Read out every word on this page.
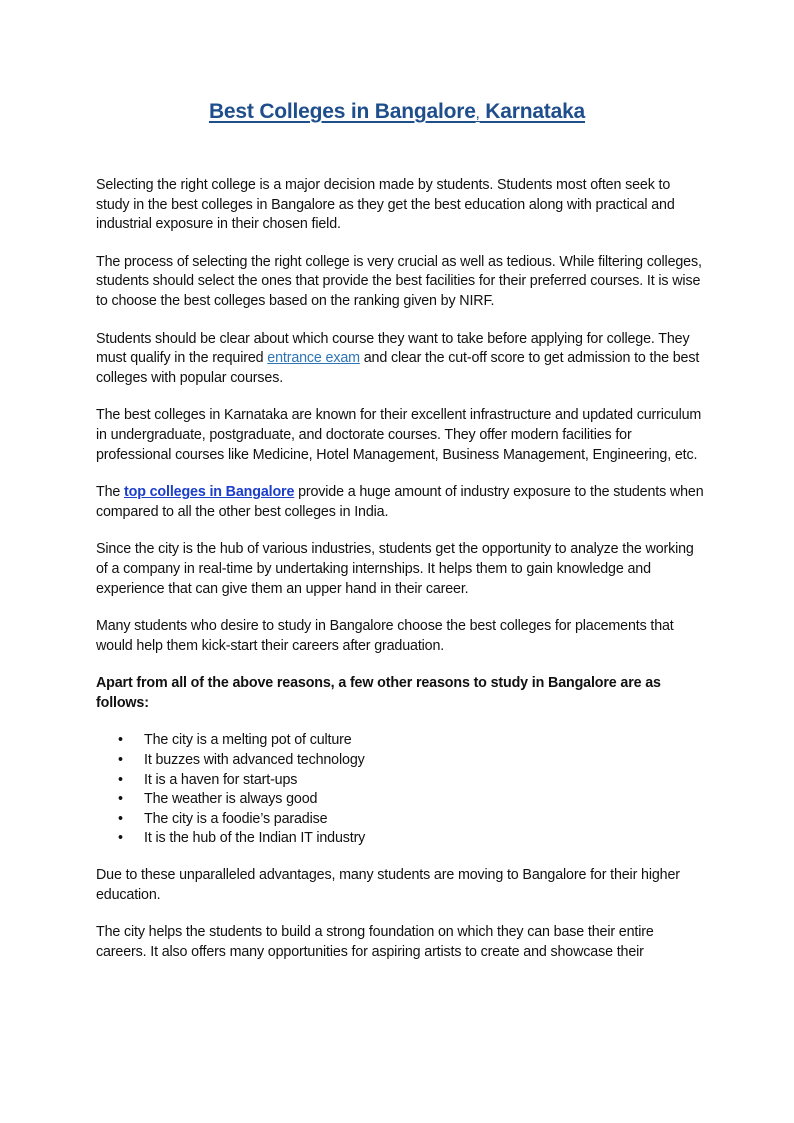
Best Colleges in Bangalore, Karnataka

Selecting the right college is a major decision made by students. Students most often seek to study in the best colleges in Bangalore as they get the best education along with practical and industrial exposure in their chosen field.

The process of selecting the right college is very crucial as well as tedious. While filtering colleges, students should select the ones that provide the best facilities for their preferred courses. It is wise to choose the best colleges based on the ranking given by NIRF.

Students should be clear about which course they want to take before applying for college. They must qualify in the required entrance exam and clear the cut-off score to get admission to the best colleges with popular courses.

The best colleges in Karnataka are known for their excellent infrastructure and updated curriculum in undergraduate, postgraduate, and doctorate courses. They offer modern facilities for professional courses like Medicine, Hotel Management, Business Management, Engineering, etc.

The top colleges in Bangalore provide a huge amount of industry exposure to the students when compared to all the other best colleges in India.

Since the city is the hub of various industries, students get the opportunity to analyze the working of a company in real-time by undertaking internships. It helps them to gain knowledge and experience that can give them an upper hand in their career.

Many students who desire to study in Bangalore choose the best colleges for placements that would help them kick-start their careers after graduation.

Apart from all of the above reasons, a few other reasons to study in Bangalore are as follows:

• The city is a melting pot of culture
• It buzzes with advanced technology
• It is a haven for start-ups
• The weather is always good
• The city is a foodie’s paradise
• It is the hub of the Indian IT industry

Due to these unparalleled advantages, many students are moving to Bangalore for their higher education.

The city helps the students to build a strong foundation on which they can base their entire careers. It also offers many opportunities for aspiring artists to create and showcase their
